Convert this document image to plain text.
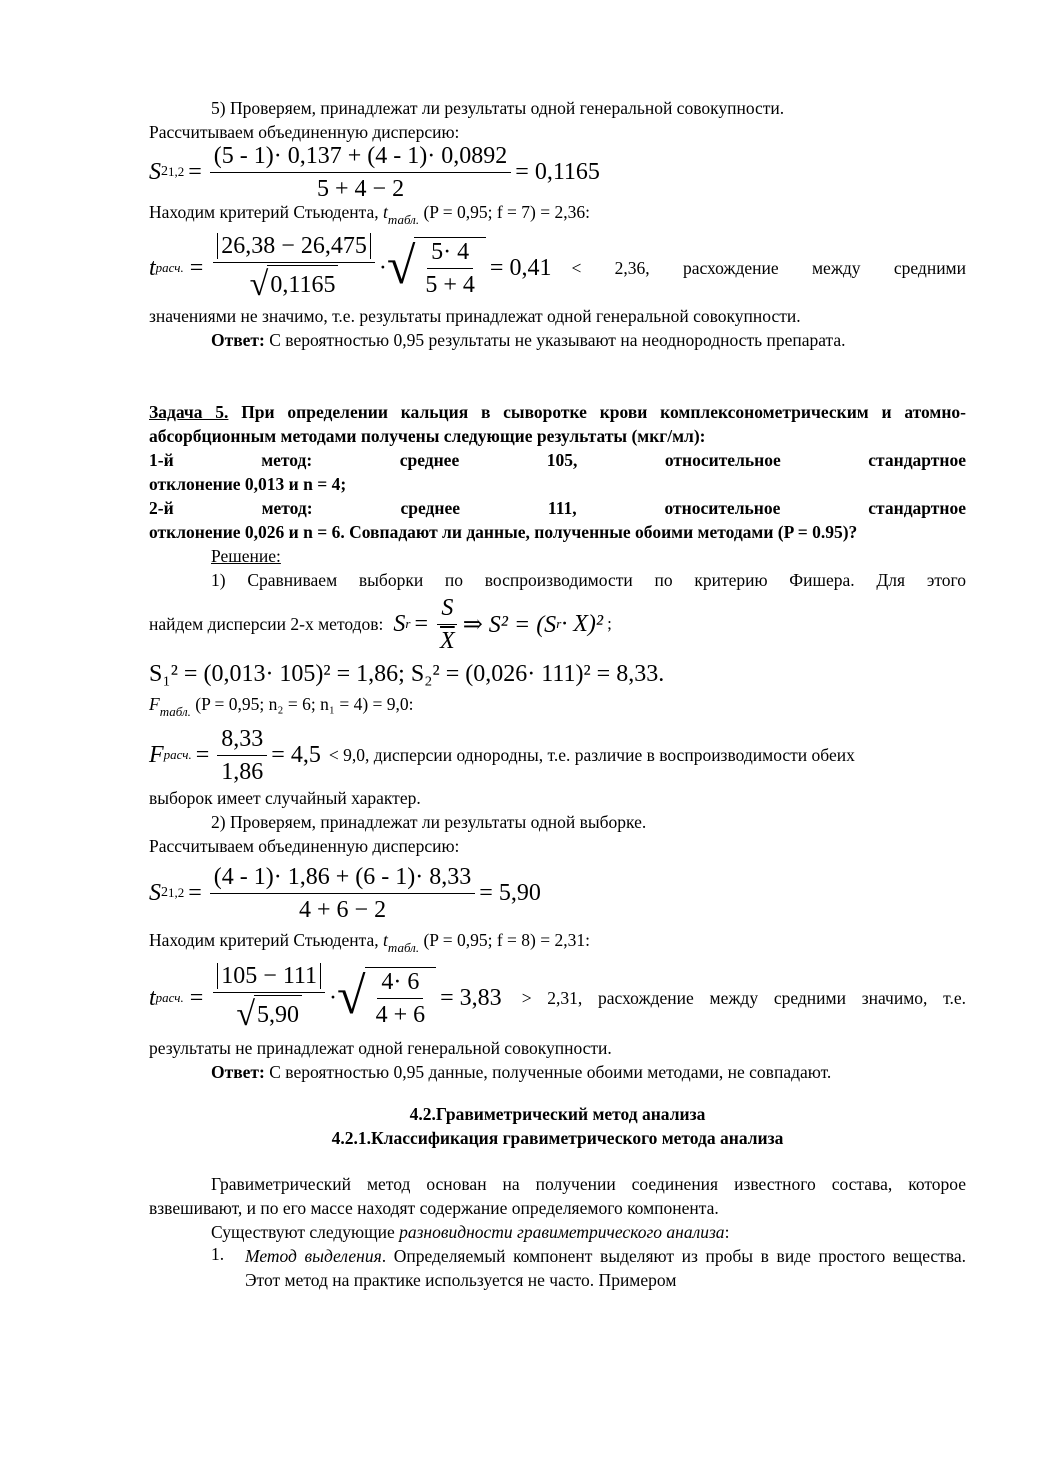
5) Проверяем, принадлежат ли результаты одной генеральной совокупности.

Рассчитываем объединенную дисперсию:

S 2 $1,2 = \frac{(5 - 1)\cdot 0,137 + (4 - 1)\cdot 0,0892}{5 + 4 - 2} = 0,1165$

Находим критерий Стьюдента, $t_{табл.}$ (P = 0,95; f = 7) = 2,36:

t расч. = $\frac{26,38 - 26,475}{√ 0,1165}$ · √ $\frac{5\cdot 4}{5 + 4} = 0,41 < 2,36$, расхождение между средними

значениями не значимо, т.е. результаты принадлежат одной генеральной совокупности.

Ответ: С вероятностью 0,95 результаты не указывают на неоднородность препарата.

Задача 5. При определении кальция в сыворотке крови комплексонометрическим и атомно-абсорбционным методами получены следующие результаты (мкг/мл):

1-й метод: среднее 105, относительное стандартное

отклонение 0,013 и n = 4;

2-й метод: среднее 111, относительное стандартное

отклонение 0,026 и n = 6. Совпадают ли данные, полученные обоими методами (P = 0.95)?

Решение:

1) Сравниваем выборки по воспроизводимости по критерию Фишера. Для этого

найдем дисперсии 2-х методов: S $r = \frac{S}{X}$ ⇒ S² = (S r · X)² ;
S₁² = (0,013· 105)² = 1,86; S₂² = (0,026· 111)² = 8,33.

$F_{табл.}$ (P = 0,95; n₂ = 6; n₁ = 4) = 9,0:

F расч. = $\frac{8,33}{1,86} = 4,5 < 9,0$, дисперсии однородны, т.е. различие в воспроизводимости обеих

выборок имеет случайный характер.

2) Проверяем, принадлежат ли результаты одной выборке.

Рассчитываем объединенную дисперсию:

S 2 $1,2 = \frac{(4 - 1)\cdot 1,86 + (6 - 1)\cdot 8,33}{4 + 6 - 2} = 5,90$

Находим критерий Стьюдента, $t_{табл.}$ (P = 0,95; f = 8) = 2,31:

t расч. = $\frac{105 - 111}{√ 5,90}$ · √ $\frac{4\cdot 6}{4 + 6} = 3,83 > 2,31$, расхождение между средними значимо, т.е.

результаты не принадлежат одной генеральной совокупности.

Ответ: С вероятностью 0,95 данные, полученные обоими методами, не совпадают.

4.2.Гравиметрический метод анализа

4.2.1.Классификация гравиметрического метода анализа

Гравиметрический метод основан на получении соединения известного состава, которое взвешивают, и по его массе находят содержание определяемого компонента.

Существуют следующие разновидности гравиметрического анализа:

1.	Метод выделения. Определяемый компонент выделяют из пробы в виде простого вещества. Этот метод на практике используется не часто. Примером
